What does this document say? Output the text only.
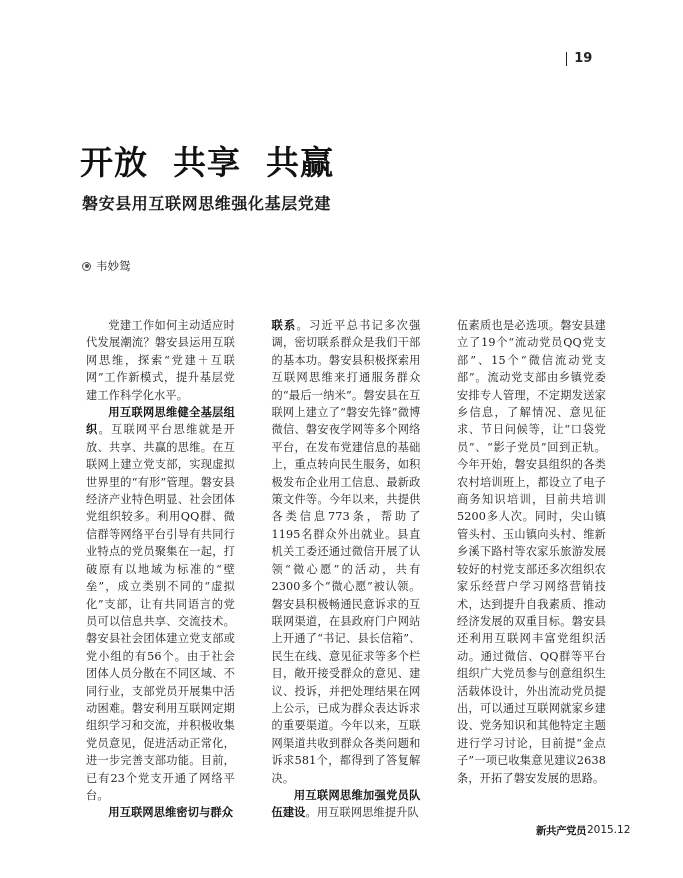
19
开放  共享  共赢
磐安县用互联网思维强化基层党建
韦妙鸳

党建工作如何主动适应时代发展潮流？磐安县运用互联网思维，探索“党建＋互联网”工作新模式，提升基层党建工作科学化水平。

用互联网思维健全基层组织。互联网平台思维就是开放、共享、共赢的思维。在互联网上建立党支部，实现虚拟世界里的“有形”管理。磐安县经济产业特色明显、社会团体党组织较多。利用QQ群、微信群等网络平台引导有共同行业特点的党员聚集在一起，打破原有以地域为标准的“壁垒”，成立类别不同的“虚拟化”支部，让有共同语言的党员可以信息共享、交流技术。磐安县社会团体建立党支部或党小组的有56个。由于社会团体人员分散在不同区域、不同行业，支部党员开展集中活动困难。磐安利用互联网定期组织学习和交流，并积极收集党员意见，促进活动正常化，进一步完善支部功能。目前，已有23个党支开通了网络平台。

用互联网思维密切与群众

联系。习近平总书记多次强调，密切联系群众是我们干部的基本功。磐安县积极探索用互联网思维来打通服务群众的“最后一纳米”。磐安县在互联网上建立了“磐安先锋”微博微信、磐安夜学网等多个网络平台，在发布党建信息的基础上，重点转向民生服务，如积极发布企业用工信息、最新政策文件等。今年以来，共提供各类信息773条，帮助了1195名群众外出就业。县直机关工委还通过微信开展了认领“微心愿”的活动，共有2300多个“微心愿”被认领。磐安县积极畅通民意诉求的互联网渠道，在县政府门户网站上开通了“书记、县长信箱”、民生在线、意见征求等多个栏目，敞开接受群众的意见、建议、投诉，并把处理结果在网上公示，已成为群众表达诉求的重要渠道。今年以来，互联网渠道共收到群众各类问题和诉求581个，都得到了答复解决。

用互联网思维加强党员队伍建设。用互联网思维提升队

伍素质也是必选项。磐安县建立了19个“流动党员QQ党支部”、15个“微信流动党支部”。流动党支部由乡镇党委安排专人管理，不定期发送家乡信息，了解情况、意见征求、节日问候等，让“口袋党员”、“影子党员”回到正轨。今年开始，磐安县组织的各类农村培训班上，都设立了电子商务知识培训，目前共培训5200多人次。同时，尖山镇管头村、玉山镇向头村、维新乡溪下路村等农家乐旅游发展较好的村党支部还多次组织农家乐经营户学习网络营销技术，达到提升自我素质、推动经济发展的双重目标。磐安县还利用互联网丰富党组织活动。通过微信、QQ群等平台组织广大党员参与创意组织生活载体设计，外出流动党员提出，可以通过互联网就家乡建设、党务知识和其他特定主题进行学习讨论，目前提“金点子”一项已收集意见建议2638条，开拓了磐安发展的思路。

新共产党员 2015.12
